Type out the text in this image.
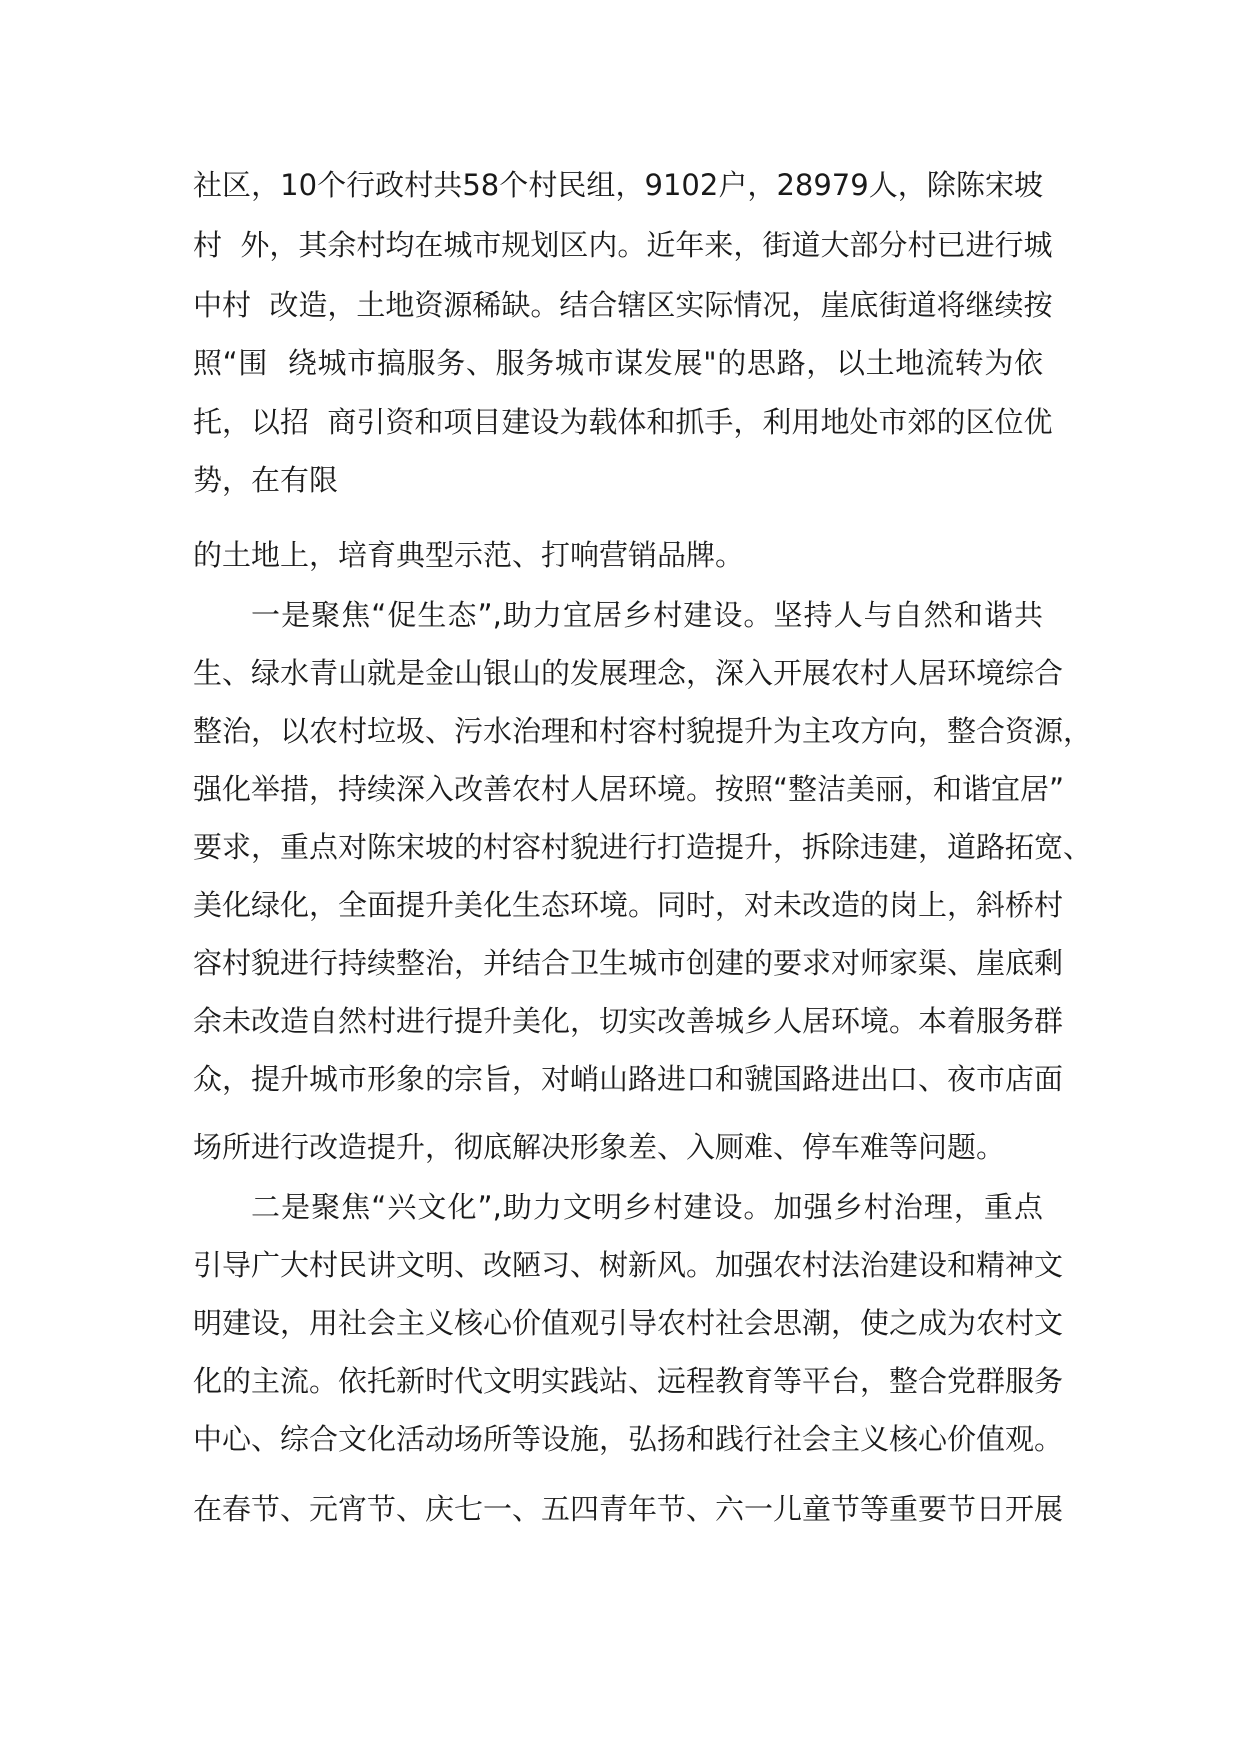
社区，10个行政村共58个村民组，9102户，28979人，除陈宋坡
村  外，其余村均在城市规划区内。近年来，街道大部分村已进行城
中村  改造，土地资源稀缺。结合辖区实际情况，崖底街道将继续按
照“围  绕城市搞服务、服务城市谋发展"的思路，以土地流转为依
托，以招  商引资和项目建设为载体和抓手，利用地处市郊的区位优
势，在有限
的土地上，培育典型示范、打响营销品牌。
一是聚焦“促生态”,助力宜居乡村建设。坚持人与自然和谐共
生、绿水青山就是金山银山的发展理念，深入开展农村人居环境综合
整治，以农村垃圾、污水治理和村容村貌提升为主攻方向，整合资源，
强化举措，持续深入改善农村人居环境。按照“整洁美丽，和谐宜居”
要求，重点对陈宋坡的村容村貌进行打造提升，拆除违建，道路拓宽、
美化绿化，全面提升美化生态环境。同时，对未改造的岗上，斜桥村
容村貌进行持续整治，并结合卫生城市创建的要求对师家渠、崖底剩
余未改造自然村进行提升美化，切实改善城乡人居环境。本着服务群
众，提升城市形象的宗旨，对峭山路进口和虢国路进出口、夜市店面
场所进行改造提升，彻底解决形象差、入厕难、停车难等问题。
二是聚焦“兴文化”,助力文明乡村建设。加强乡村治理，重点
引导广大村民讲文明、改陋习、树新风。加强农村法治建设和精神文
明建设，用社会主义核心价值观引导农村社会思潮，使之成为农村文
化的主流。依托新时代文明实践站、远程教育等平台，整合党群服务
中心、综合文化活动场所等设施，弘扬和践行社会主义核心价值观。
在春节、元宵节、庆七一、五四青年节、六一儿童节等重要节日开展
